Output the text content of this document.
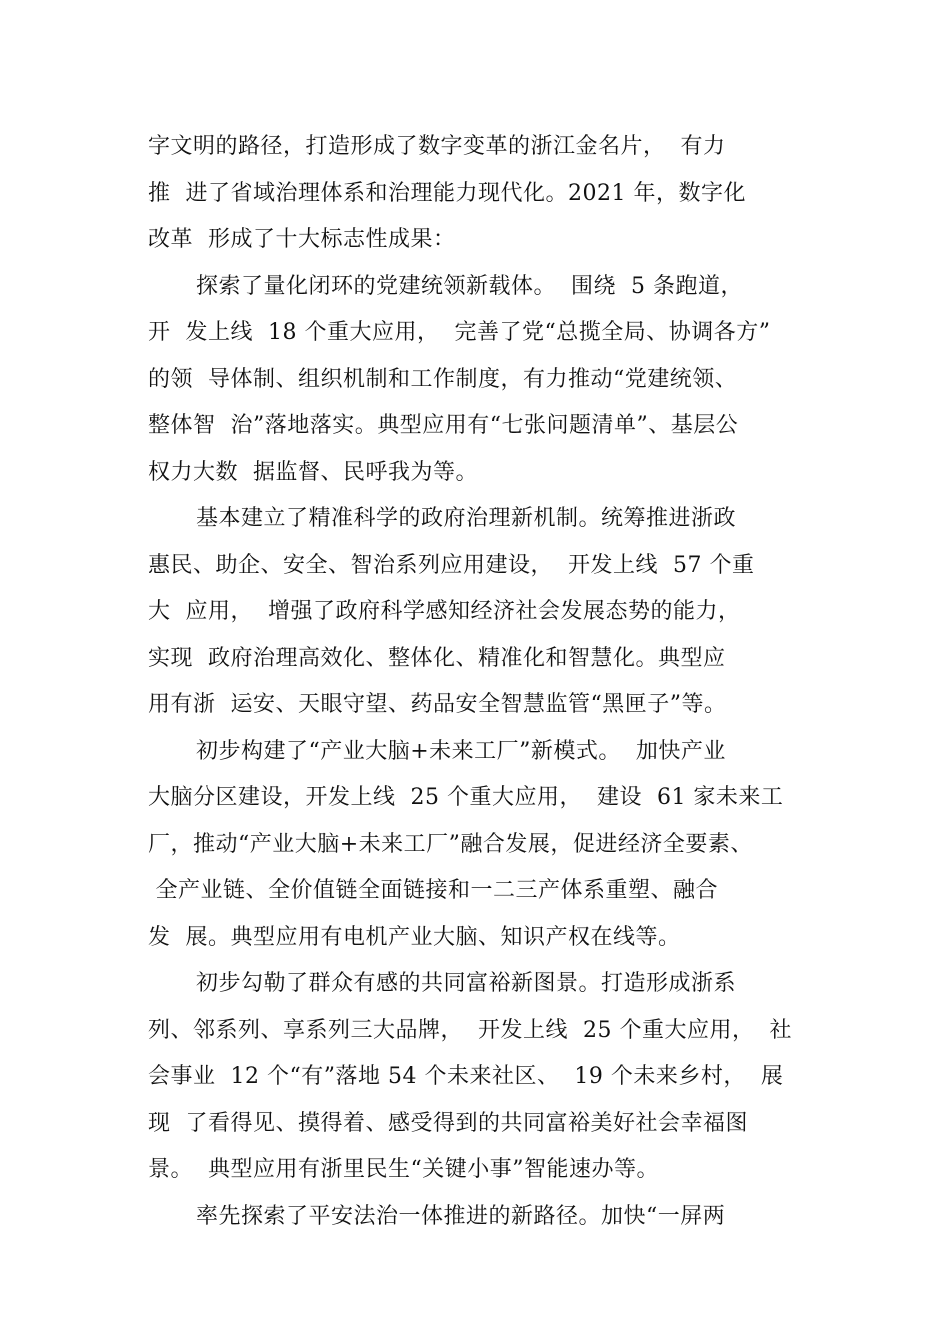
字文明的路径，打造形成了数字变革的浙江金名片，  有力
推  进了省域治理体系和治理能力现代化。2021 年，数字化
改革  形成了十大标志性成果：
探索了量化闭环的党建统领新载体。  围绕  5 条跑道，
开  发上线  18 个重大应用，  完善了党“总揽全局、协调各方”
的领  导体制、组织机制和工作制度，有力推动“党建统领、
整体智  治”落地落实。典型应用有“七张问题清单”、基层公
权力大数  据监督、民呼我为等。
基本建立了精准科学的政府治理新机制。统筹推进浙政
惠民、助企、安全、智治系列应用建设，  开发上线  57 个重
大  应用，  增强了政府科学感知经济社会发展态势的能力，
实现  政府治理高效化、整体化、精准化和智慧化。典型应
用有浙  运安、天眼守望、药品安全智慧监管“黑匣子”等。
初步构建了“产业大脑+未来工厂”新模式。  加快产业
大脑分区建设，开发上线  25 个重大应用，  建设  61 家未来工
厂，推动“产业大脑+未来工厂”融合发展，促进经济全要素、
全产业链、全价值链全面链接和一二三产体系重塑、融合
发  展。典型应用有电机产业大脑、知识产权在线等。
初步勾勒了群众有感的共同富裕新图景。打造形成浙系
列、邻系列、享系列三大品牌，  开发上线  25 个重大应用，  社
会事业  12 个“有”落地 54 个未来社区、  19 个未来乡村，  展
现  了看得见、摸得着、感受得到的共同富裕美好社会幸福图
景。  典型应用有浙里民生“关键小事”智能速办等。
率先探索了平安法治一体推进的新路径。加快“一屏两
